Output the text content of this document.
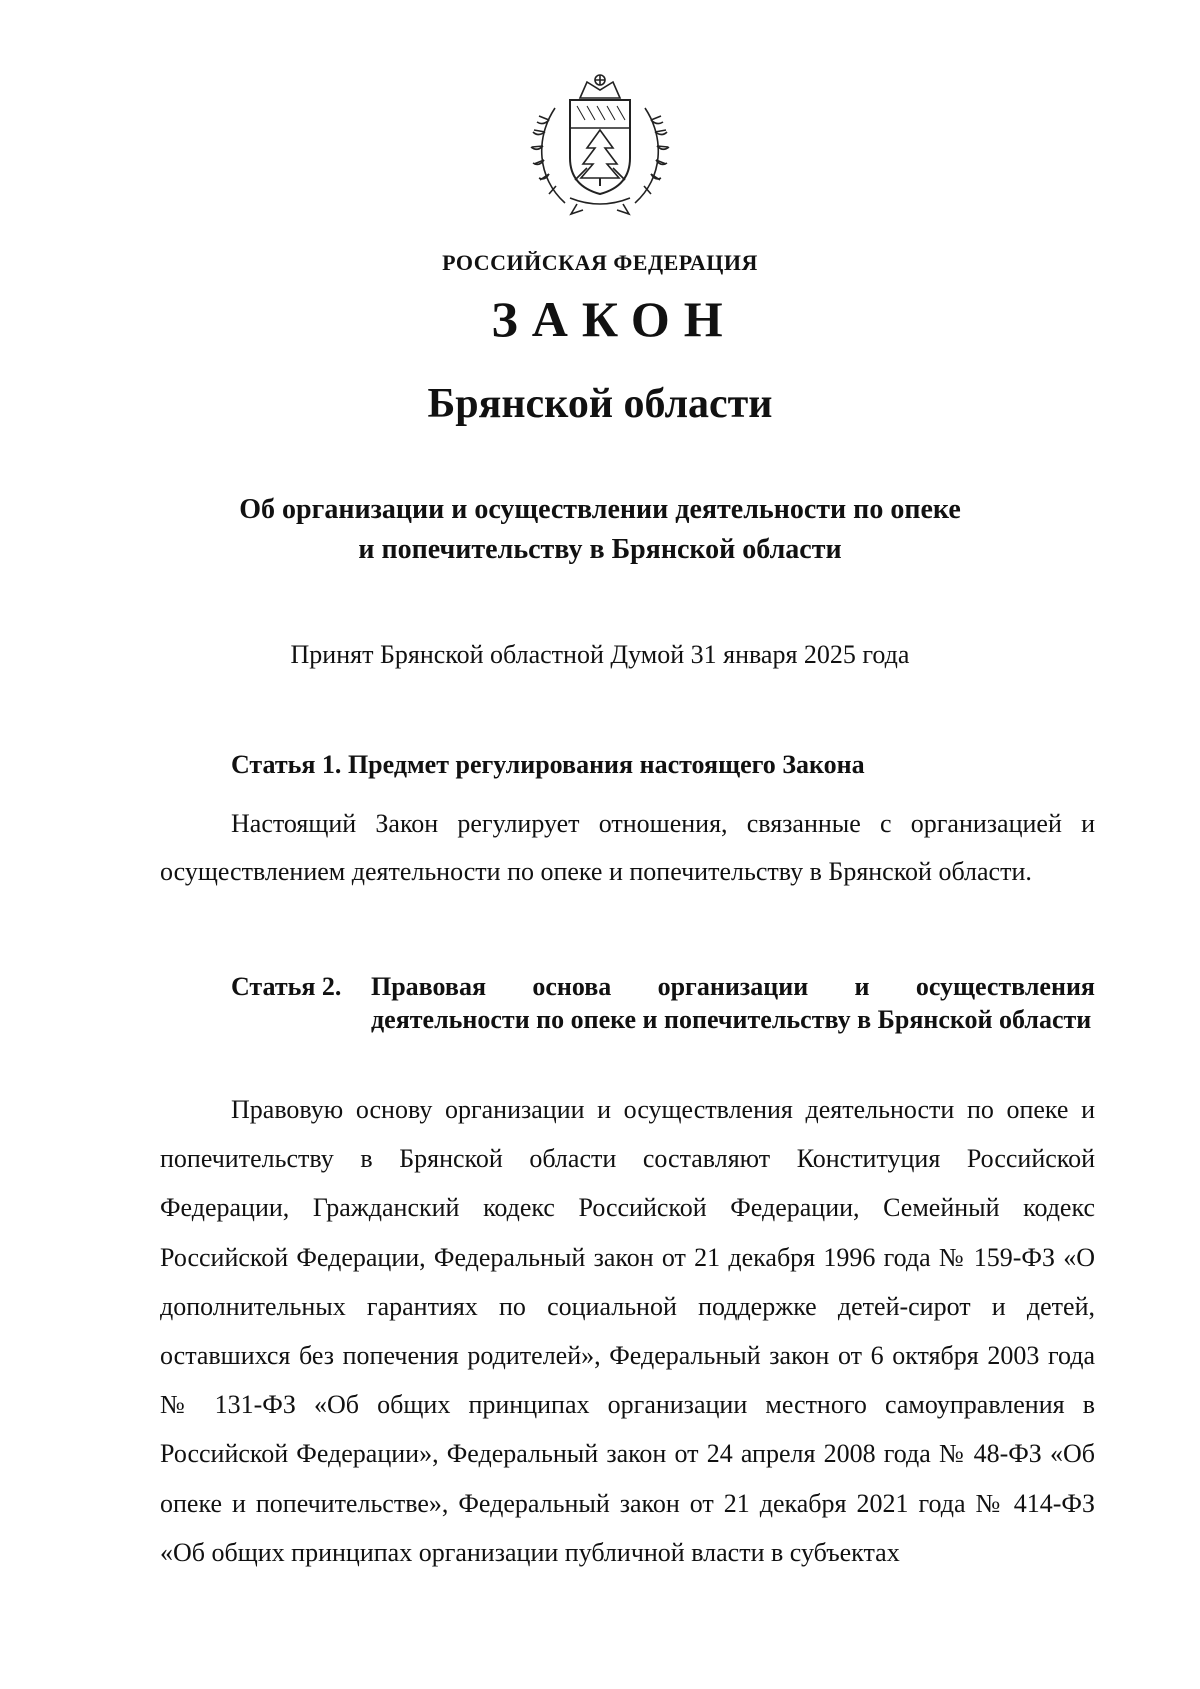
РОССИЙСКАЯ ФЕДЕРАЦИЯ

ЗАКОН

Брянской области

Об организации и осуществлении деятельности по опеке
и попечительству в Брянской области

Принят Брянской областной Думой 31 января 2025 года

Статья 1. Предмет регулирования настоящего Закона

Настоящий Закон регулирует отношения, связанные с организацией и осуществлением деятельности по опеке и попечительству в Брянской области.

Статья 2.	Правовая основа организации и осуществления деятельности по опеке и попечительству в Брянской области

Правовую основу организации и осуществления деятельности по опеке и попечительству в Брянской области составляют Конституция Российской Федерации, Гражданский кодекс Российской Федерации, Семейный кодекс Российской Федерации, Федеральный закон от 21 декабря 1996 года № 159-ФЗ «О дополнительных гарантиях по социальной поддержке детей-сирот и детей, оставшихся без попечения родителей», Федеральный закон от 6 октября 2003 года № 131-ФЗ «Об общих принципах организации местного самоуправления в Российской Федерации», Федеральный закон от 24 апреля 2008 года № 48-ФЗ «Об опеке и попечительстве», Федеральный закон от 21 декабря 2021 года № 414-ФЗ «Об общих принципах организации публичной власти в субъектах
